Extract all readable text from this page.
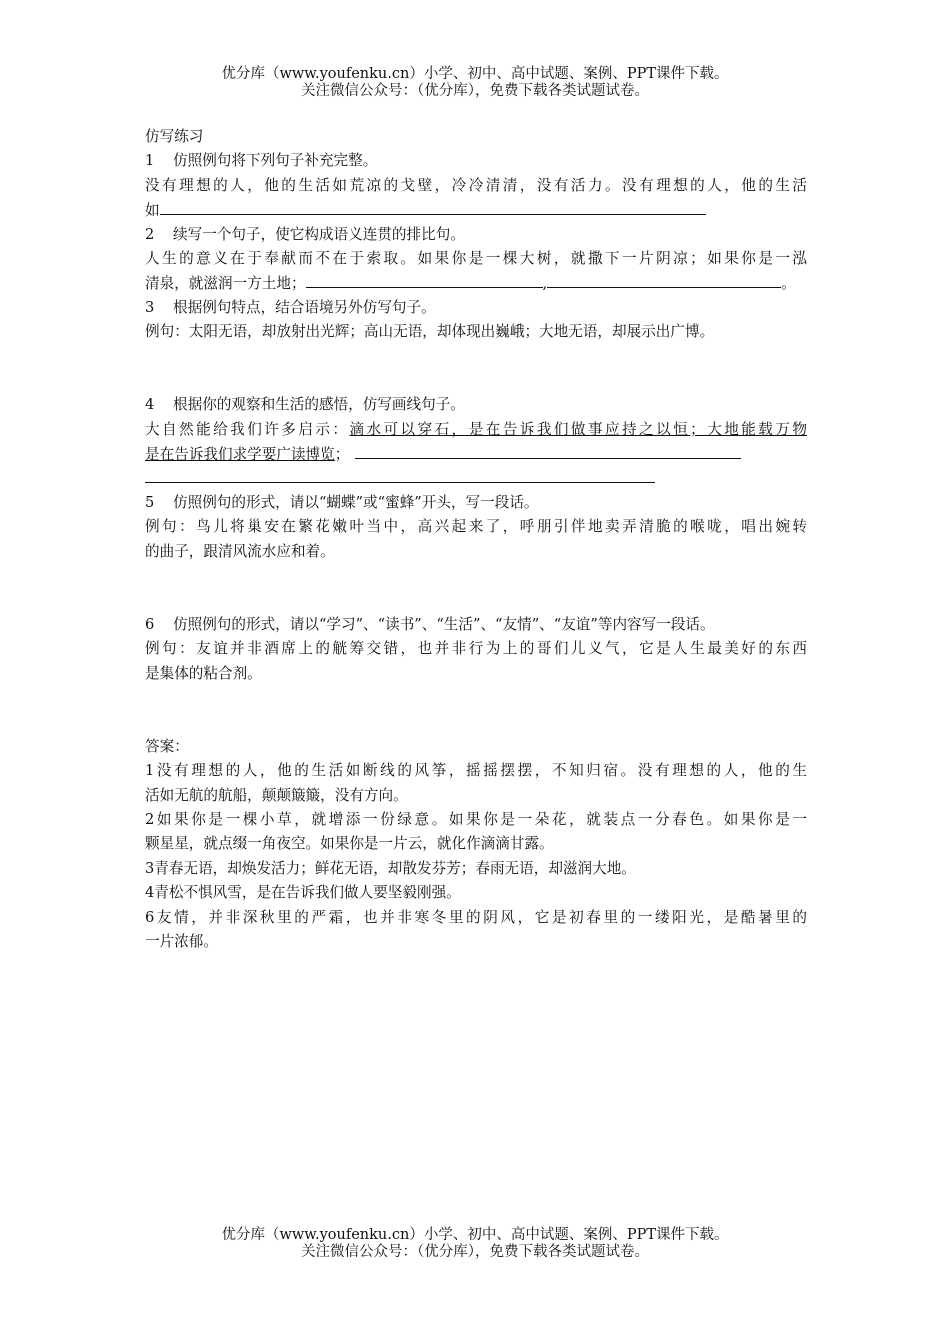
优分库（www.youfenku.cn）小学、初中、高中试题、案例、PPT课件下载。
关注微信公众号：（优分库），免费下载各类试题试卷。
仿写练习
1 仿照例句将下列句子补充完整。
没有理想的人，他的生活如荒凉的戈壁，冷冷清清，没有活力。没有理想的人，他的生活
如
2 续写一个句子，使它构成语义连贯的排比句。
人生的意义在于奉献而不在于索取。如果你是一棵大树，就撒下一片阴凉；如果你是一泓
清泉，就滋润一方土地；	,	。
3 根据例句特点，结合语境另外仿写句子。
例句：太阳无语，却放射出光辉；高山无语，却体现出巍峨；大地无语，却展示出广博。
4 根据你的观察和生活的感悟，仿写画线句子。
大自然能给我们许多启示：滴水可以穿石，是在告诉我们做事应持之以恒；大地能载万物
是在告诉我们求学要广读博览；
5 仿照例句的形式，请以“蝴蝶”或“蜜蜂”开头，写一段话。
例句：鸟儿将巢安在繁花嫩叶当中，高兴起来了，呼朋引伴地卖弄清脆的喉咙，唱出婉转
的曲子，跟清风流水应和着。
6 仿照例句的形式，请以“学习”、“读书”、“生活”、“友情”、“友谊”等内容写一段话。
例句：友谊并非酒席上的觥筹交错，也并非行为上的哥们儿义气，它是人生最美好的东西
是集体的粘合剂。
答案：
1没有理想的人，他的生活如断线的风筝，摇摇摆摆，不知归宿。没有理想的人，他的生
活如无航的航船，颠颠簸簸，没有方向。
2如果你是一棵小草，就增添一份绿意。如果你是一朵花，就装点一分春色。如果你是一
颗星星，就点缀一角夜空。如果你是一片云，就化作滴滴甘露。
3青春无语，却焕发活力；鲜花无语，却散发芬芳；春雨无语，却滋润大地。
4青松不惧风雪，是在告诉我们做人要坚毅刚强。
6友情，并非深秋里的严霜，也并非寒冬里的阴风，它是初春里的一缕阳光，是酷暑里的
一片浓郁。
优分库（www.youfenku.cn）小学、初中、高中试题、案例、PPT课件下载。
关注微信公众号：（优分库），免费下载各类试题试卷。
